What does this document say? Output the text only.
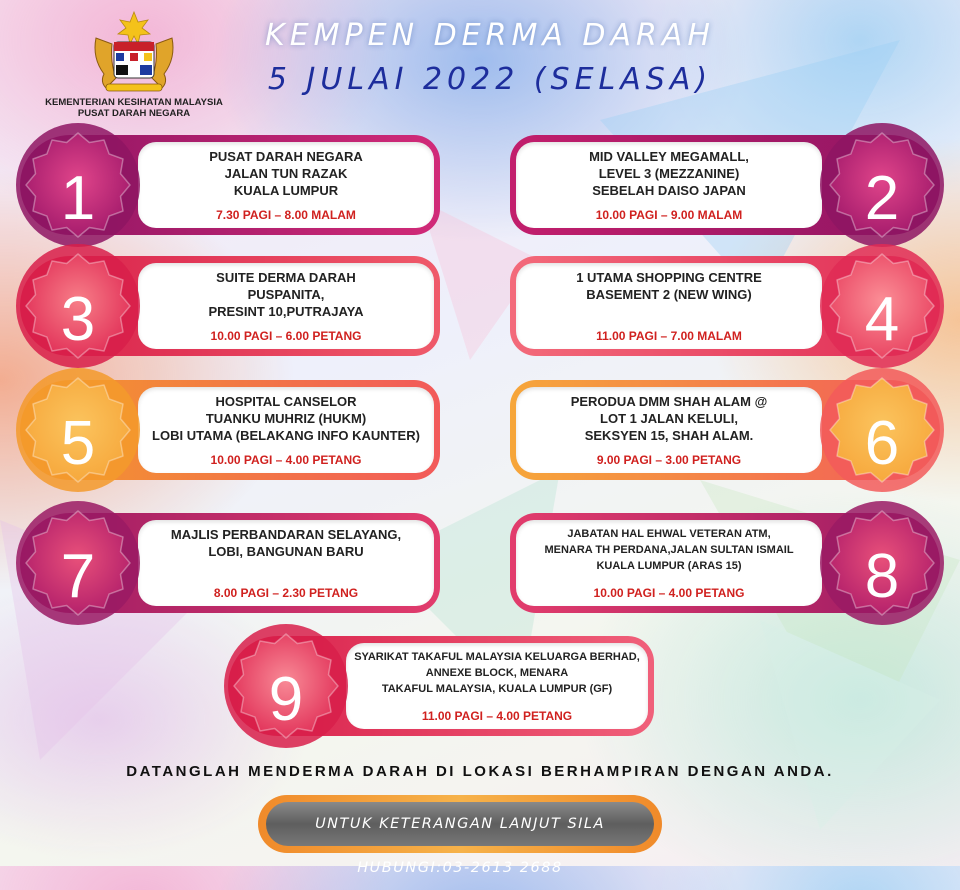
KEMENTERIAN KESIHATAN MALAYSIA
PUSAT DARAH NEGARA
KEMPEN DERMA DARAH
5 JULAI 2022 (SELASA)
PUSAT DARAH NEGARA
JALAN TUN RAZAK
KUALA LUMPUR
7.30 PAGI – 8.00 MALAM
1
MID VALLEY MEGAMALL,
LEVEL 3 (MEZZANINE)
SEBELAH DAISO JAPAN
10.00 PAGI – 9.00 MALAM	2
SUITE DERMA DARAH
PUSPANITA,
PRESINT 10,PUTRAJAYA
10.00 PAGI – 6.00 PETANG
3
1 UTAMA SHOPPING CENTRE
BASEMENT 2 (NEW WING)

11.00 PAGI – 7.00 MALAM	4
HOSPITAL CANSELOR
TUANKU MUHRIZ (HUKM)
LOBI UTAMA (BELAKANG INFO KAUNTER)
10.00 PAGI – 4.00 PETANG
5
PERODUA DMM SHAH ALAM @
LOT 1 JALAN KELULI,
SEKSYEN 15, SHAH ALAM.
9.00 PAGI – 3.00 PETANG	6
MAJLIS PERBANDARAN SELAYANG,
LOBI, BANGUNAN BARU

8.00 PAGI – 2.30 PETANG
7
JABATAN HAL EHWAL VETERAN ATM,
MENARA TH PERDANA,JALAN SULTAN ISMAIL
KUALA LUMPUR (ARAS 15)
10.00 PAGI – 4.00 PETANG	8
SYARIKAT TAKAFUL MALAYSIA KELUARGA BERHAD,
ANNEXE BLOCK, MENARA
TAKAFUL MALAYSIA, KUALA LUMPUR (GF)
11.00 PAGI – 4.00 PETANG
9
DATANGLAH MENDERMA DARAH DI LOKASI BERHAMPIRAN DENGAN ANDA.
UNTUK KETERANGAN LANJUT SILA HUBUNGI:03-2613 2688
